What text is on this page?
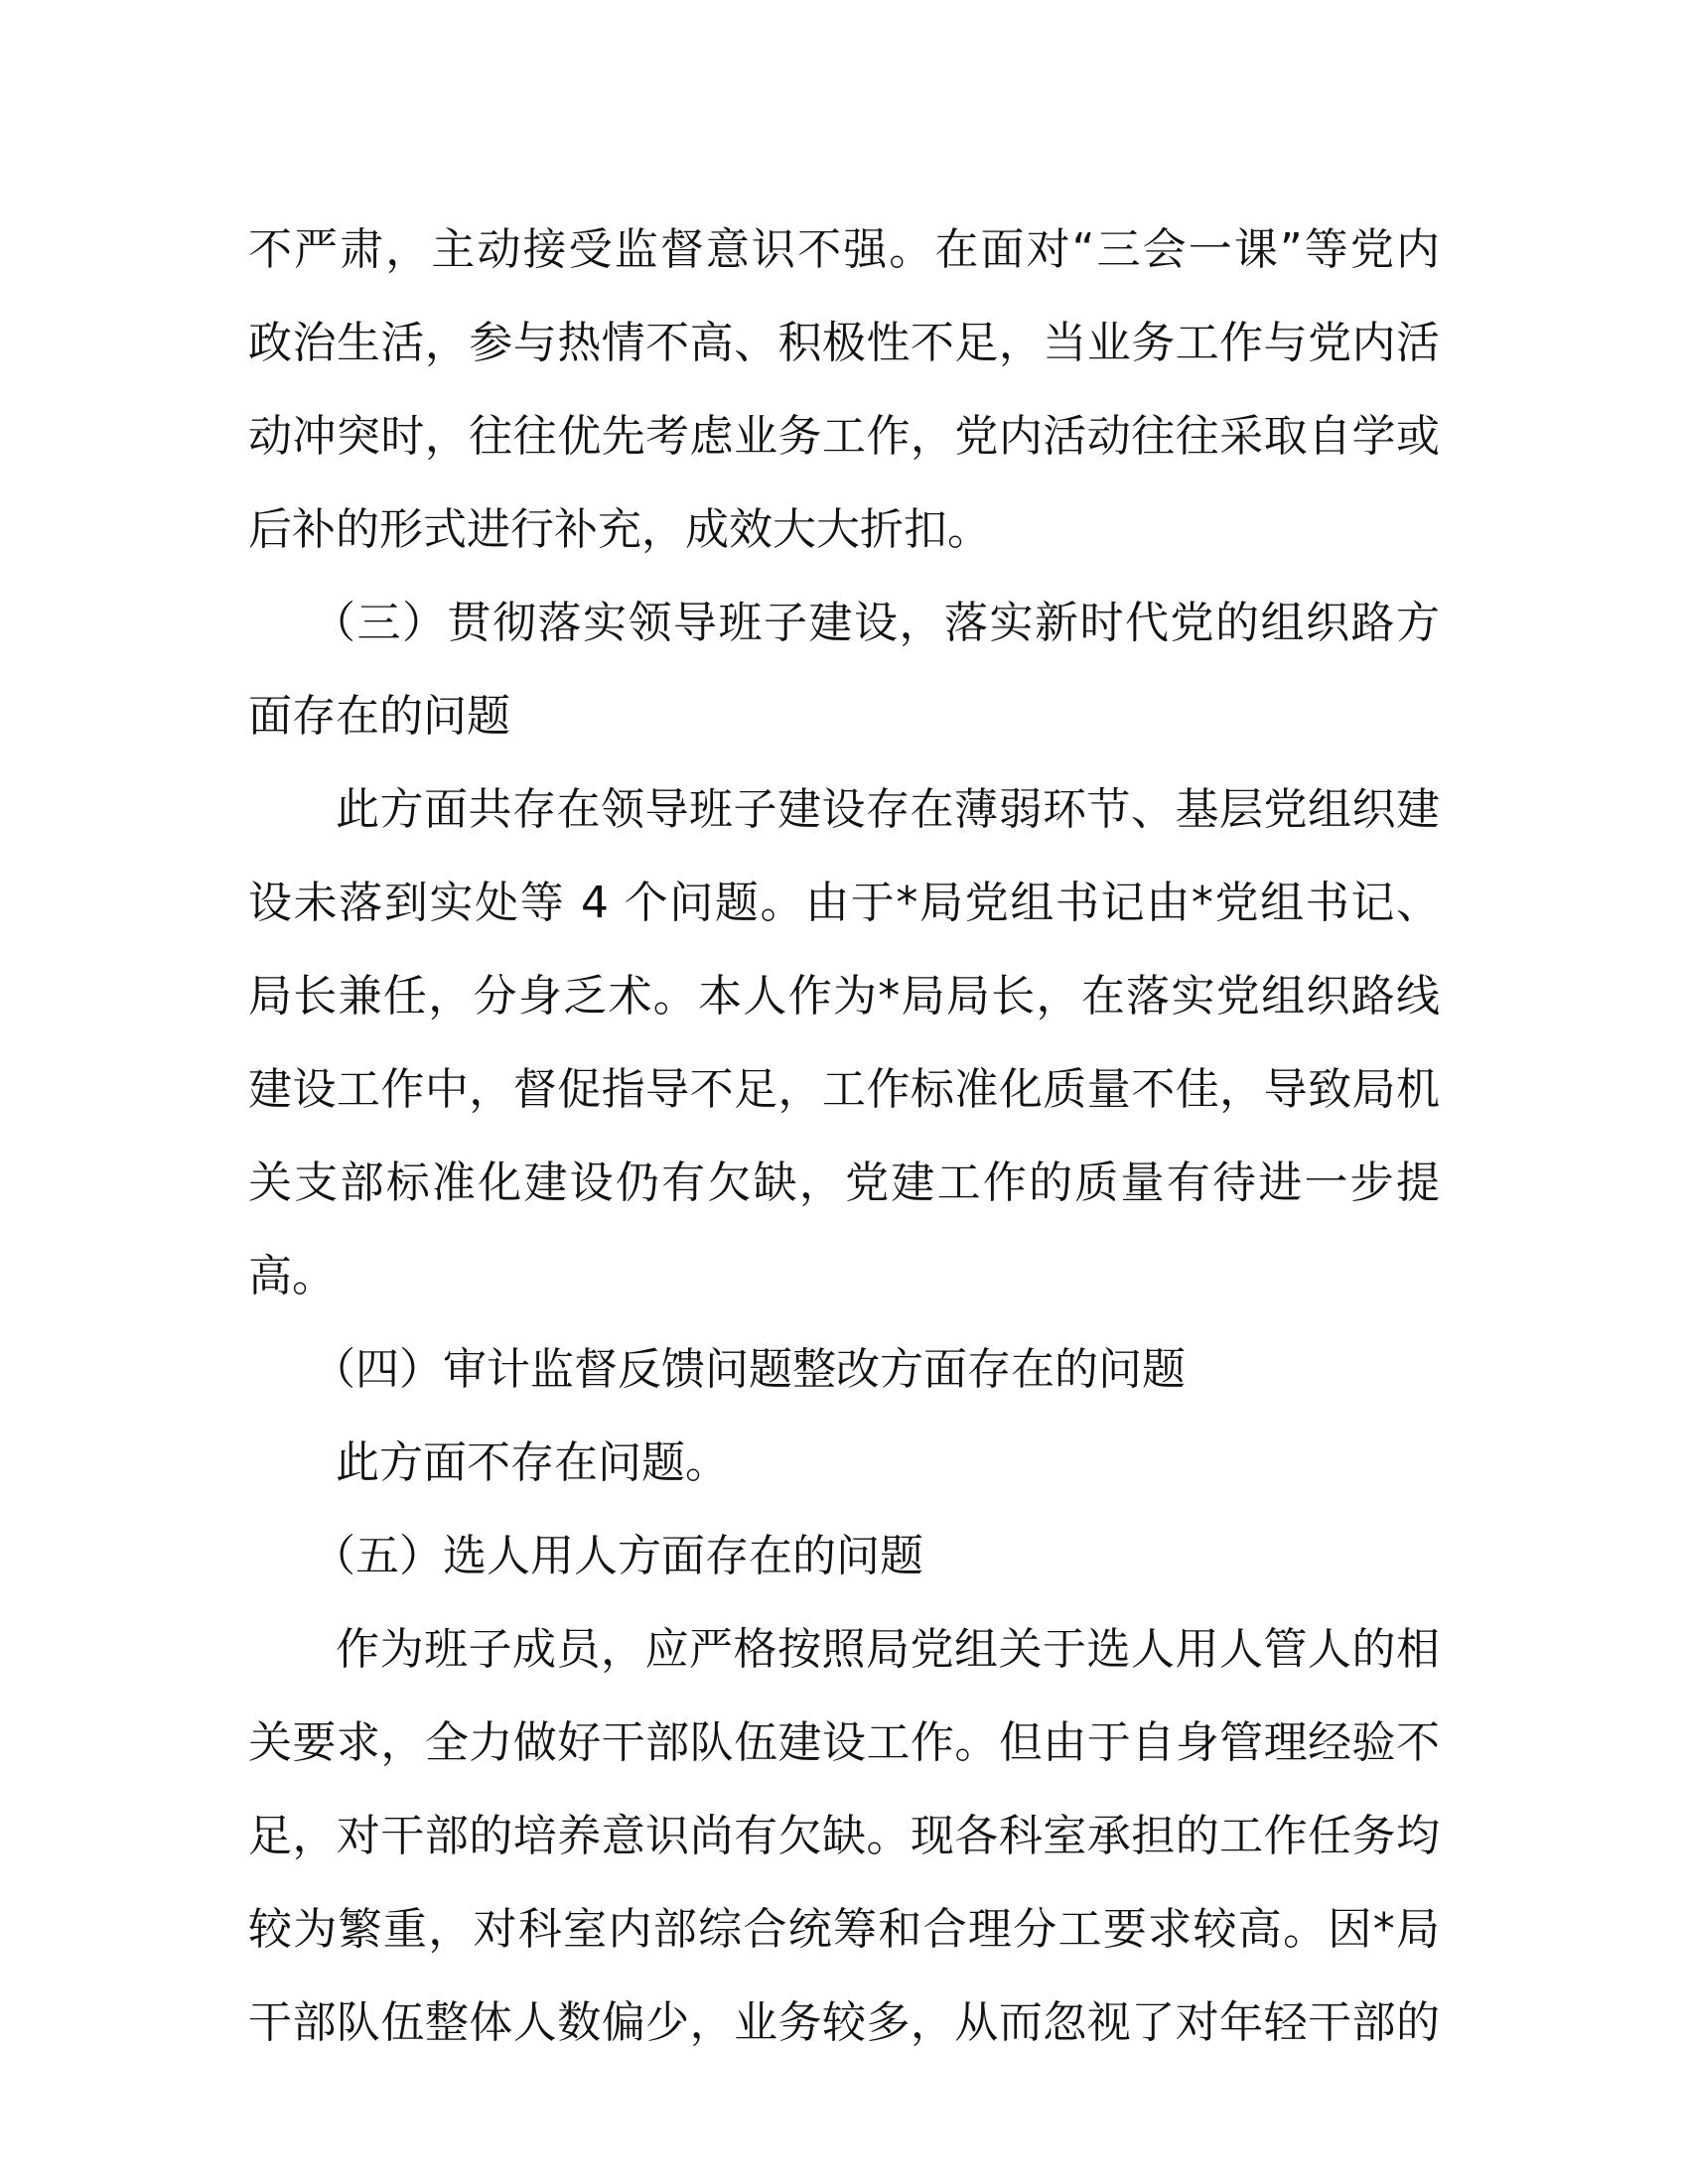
不严肃，主动接受监督意识不强。在面对“三会一课”等党内
政治生活，参与热情不高、积极性不足，当业务工作与党内活
动冲突时，往往优先考虑业务工作，党内活动往往采取自学或
后补的形式进行补充，成效大大折扣。
（三）贯彻落实领导班子建设，落实新时代党的组织路方
面存在的问题
此方面共存在领导班子建设存在薄弱环节、基层党组织建
设未落到实处等 4 个问题。由于*局党组书记由*党组书记、
局长兼任，分身乏术。本人作为*局局长，在落实党组织路线
建设工作中，督促指导不足，工作标准化质量不佳，导致局机
关支部标准化建设仍有欠缺，党建工作的质量有待进一步提
高。
（四）审计监督反馈问题整改方面存在的问题
此方面不存在问题。
（五）选人用人方面存在的问题
作为班子成员，应严格按照局党组关于选人用人管人的相
关要求，全力做好干部队伍建设工作。但由于自身管理经验不
足，对干部的培养意识尚有欠缺。现各科室承担的工作任务均
较为繁重，对科室内部综合统筹和合理分工要求较高。因*局
干部队伍整体人数偏少，业务较多，从而忽视了对年轻干部的
